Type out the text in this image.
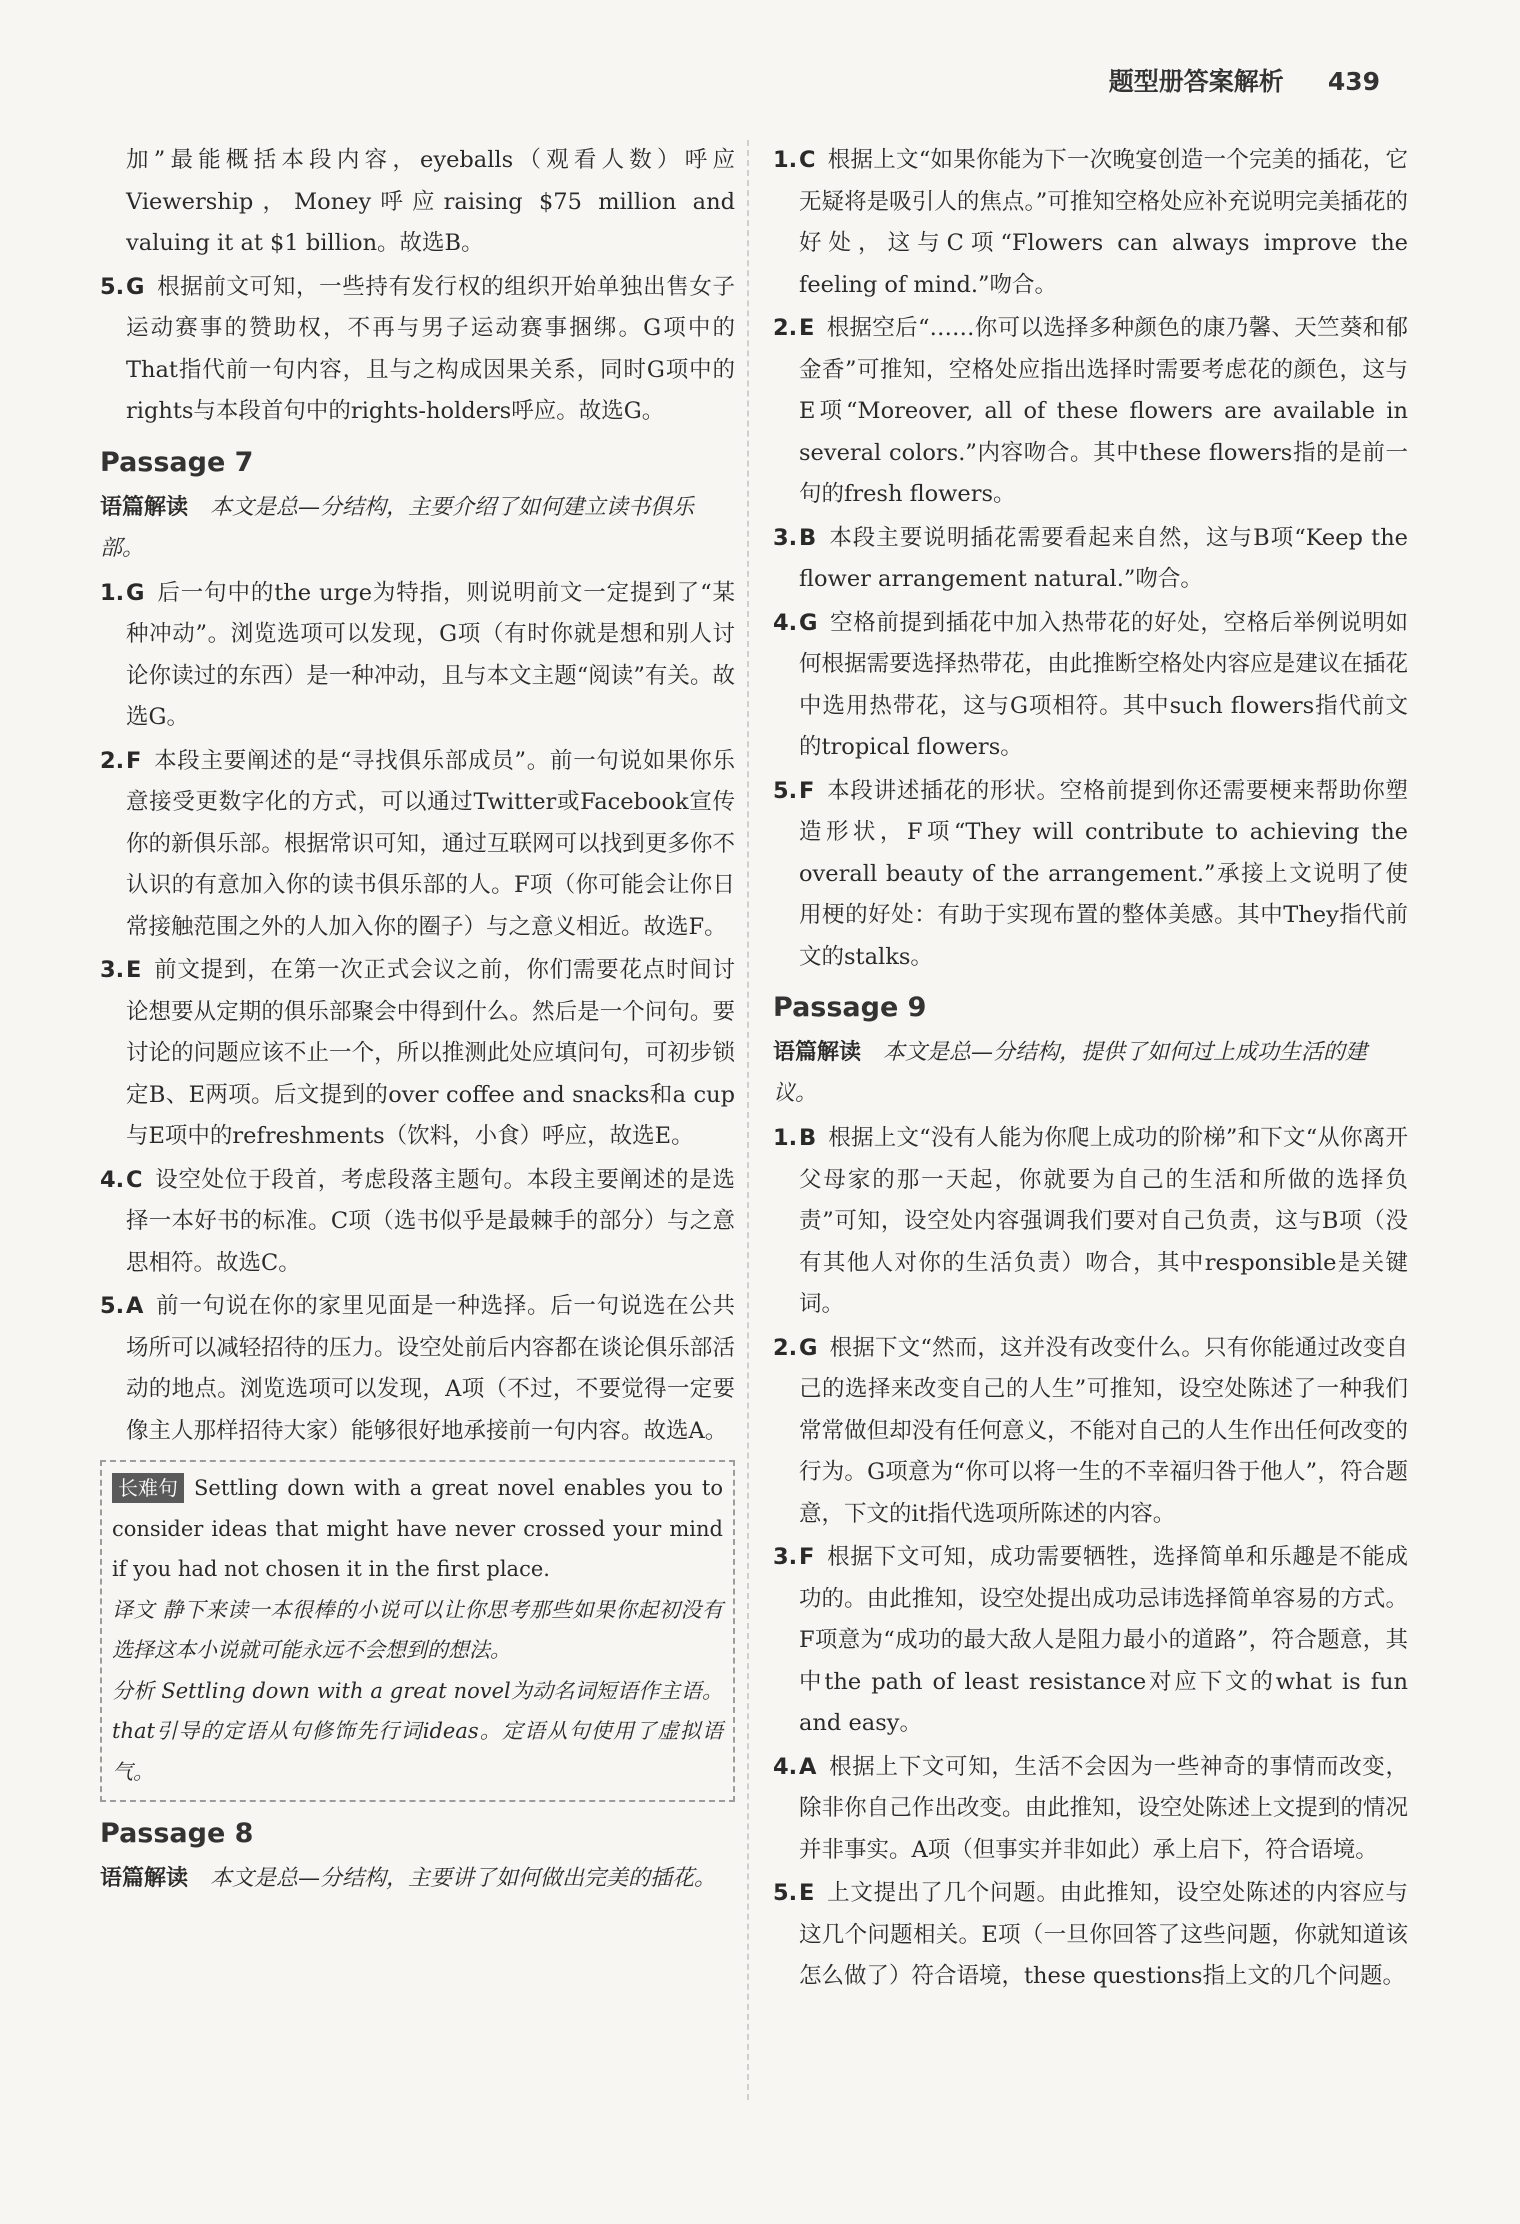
题型册答案解析 439

加”最能概括本段内容，eyeballs（观看人数）呼应Viewership，Money呼应raising $75 million and valuing it at $1 billion。故选B。

5. G 根据前文可知，一些持有发行权的组织开始单独出售女子运动赛事的赞助权，不再与男子运动赛事捆绑。G项中的That指代前一句内容，且与之构成因果关系，同时G项中的rights与本段首句中的rights-holders呼应。故选G。
Passage 7

语篇解读 本文是总—分结构，主要介绍了如何建立读书俱乐部。

1. G 后一句中的the urge为特指，则说明前文一定提到了“某种冲动”。浏览选项可以发现，G项（有时你就是想和别人讨论你读过的东西）是一种冲动，且与本文主题“阅读”有关。故选G。
2. F 本段主要阐述的是“寻找俱乐部成员”。前一句说如果你乐意接受更数字化的方式，可以通过Twitter或Facebook宣传你的新俱乐部。根据常识可知，通过互联网可以找到更多你不认识的有意加入你的读书俱乐部的人。F项（你可能会让你日常接触范围之外的人加入你的圈子）与之意义相近。故选F。
3. E 前文提到，在第一次正式会议之前，你们需要花点时间讨论想要从定期的俱乐部聚会中得到什么。然后是一个问句。要讨论的问题应该不止一个，所以推测此处应填问句，可初步锁定B、E两项。后文提到的over coffee and snacks和a cup与E项中的refreshments（饮料，小食）呼应，故选E。
4. C 设空处位于段首，考虑段落主题句。本段主要阐述的是选择一本好书的标准。C项（选书似乎是最棘手的部分）与之意思相符。故选C。
5. A 前一句说在你的家里见面是一种选择。后一句说选在公共场所可以减轻招待的压力。设空处前后内容都在谈论俱乐部活动的地点。浏览选项可以发现，A项（不过，不要觉得一定要像主人那样招待大家）能够很好地承接前一句内容。故选A。

长难句 Settling down with a great novel enables you to consider ideas that might have never crossed your mind if you had not chosen it in the first place.

译文 静下来读一本很棒的小说可以让你思考那些如果你起初没有选择这本小说就可能永远不会想到的想法。

分析 Settling down with a great novel为动名词短语作主语。that引导的定语从句修饰先行词ideas。定语从句使用了虚拟语气。

Passage 8

语篇解读 本文是总—分结构，主要讲了如何做出完美的插花。

1. C 根据上文“如果你能为下一次晚宴创造一个完美的插花，它无疑将是吸引人的焦点。”可推知空格处应补充说明完美插花的好处，这与C项“Flowers can always improve the feeling of mind.”吻合。
2. E 根据空后“……你可以选择多种颜色的康乃馨、天竺葵和郁金香”可推知，空格处应指出选择时需要考虑花的颜色，这与E项“Moreover, all of these flowers are available in several colors.”内容吻合。其中these flowers指的是前一句的fresh flowers。
3. B 本段主要说明插花需要看起来自然，这与B项“Keep the flower arrangement natural.”吻合。
4. G 空格前提到插花中加入热带花的好处，空格后举例说明如何根据需要选择热带花，由此推断空格处内容应是建议在插花中选用热带花，这与G项相符。其中such flowers指代前文的tropical flowers。
5. F 本段讲述插花的形状。空格前提到你还需要梗来帮助你塑造形状，F项“They will contribute to achieving the overall beauty of the arrangement.”承接上文说明了使用梗的好处：有助于实现布置的整体美感。其中They指代前文的stalks。
Passage 9

语篇解读 本文是总—分结构，提供了如何过上成功生活的建议。

1. B 根据上文“没有人能为你爬上成功的阶梯”和下文“从你离开父母家的那一天起，你就要为自己的生活和所做的选择负责”可知，设空处内容强调我们要对自己负责，这与B项（没有其他人对你的生活负责）吻合，其中responsible是关键词。
2. G 根据下文“然而，这并没有改变什么。只有你能通过改变自己的选择来改变自己的人生”可推知，设空处陈述了一种我们常常做但却没有任何意义，不能对自己的人生作出任何改变的行为。G项意为“你可以将一生的不幸福归咎于他人”，符合题意，下文的it指代选项所陈述的内容。
3. F 根据下文可知，成功需要牺牲，选择简单和乐趣是不能成功的。由此推知，设空处提出成功忌讳选择简单容易的方式。F项意为“成功的最大敌人是阻力最小的道路”，符合题意，其中the path of least resistance对应下文的what is fun and easy。
4. A 根据上下文可知，生活不会因为一些神奇的事情而改变，除非你自己作出改变。由此推知，设空处陈述上文提到的情况并非事实。A项（但事实并非如此）承上启下，符合语境。
5. E 上文提出了几个问题。由此推知，设空处陈述的内容应与这几个问题相关。E项（一旦你回答了这些问题，你就知道该怎么做了）符合语境，these questions指上文的几个问题。
